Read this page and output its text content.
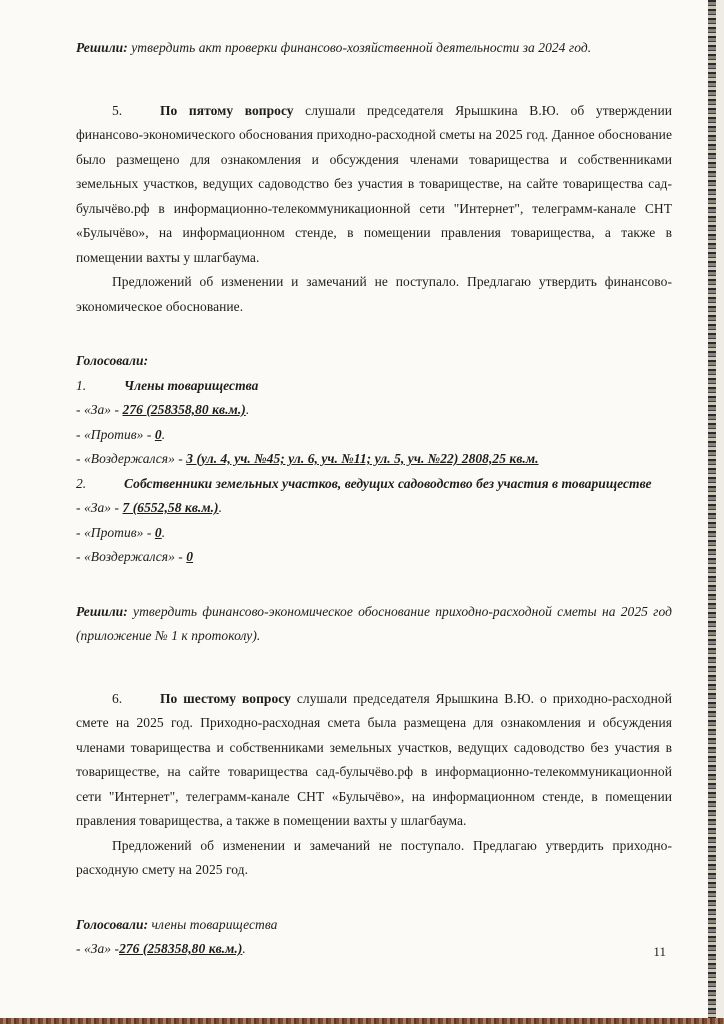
Решили: утвердить акт проверки финансово-хозяйственной деятельности за 2024 год.

5.	По пятому вопросу слушали председателя Ярышкина В.Ю. об утверждении финансово-экономического обоснования приходно-расходной сметы на 2025 год. Данное обоснование было размещено для ознакомления и обсуждения членами товарищества и собственниками земельных участков, ведущих садоводство без участия в товариществе, на сайте товарищества сад-булычёво.рф в информационно-телекоммуникационной сети "Интернет", телеграмм-канале СНТ «Булычёво», на информационном стенде, в помещении правления товарищества, а также в помещении вахты у шлагбаума.

Предложений об изменении и замечаний не поступало. Предлагаю утвердить финансово-экономическое обоснование.

Голосовали:

1.	Члены товарищества

- «За» - 276 (258358,80 кв.м.).

- «Против» - 0.

- «Воздержался» - 3 (ул. 4, уч. №45; ул. 6, уч. №11; ул. 5, уч. №22) 2808,25 кв.м.

2.	Собственники земельных участков, ведущих садоводство без участия в товариществе

- «За» - 7 (6552,58 кв.м.).

- «Против» - 0.

- «Воздержался» - 0

Решили: утвердить финансово-экономическое обоснование приходно-расходной сметы на 2025 год (приложение № 1 к протоколу).

6.	По шестому вопросу слушали председателя Ярышкина В.Ю. о приходно-расходной смете на 2025 год. Приходно-расходная смета была размещена для ознакомления и обсуждения членами товарищества и собственниками земельных участков, ведущих садоводство без участия в товариществе, на сайте товарищества сад-булычёво.рф в информационно-телекоммуникационной сети "Интернет", телеграмм-канале СНТ «Булычёво», на информационном стенде, в помещении правления товарищества, а также в помещении вахты у шлагбаума.

Предложений об изменении и замечаний не поступало. Предлагаю утвердить приходно-расходную смету на 2025 год.

Голосовали: члены товарищества

- «За» -276 (258358,80 кв.м.).	11
